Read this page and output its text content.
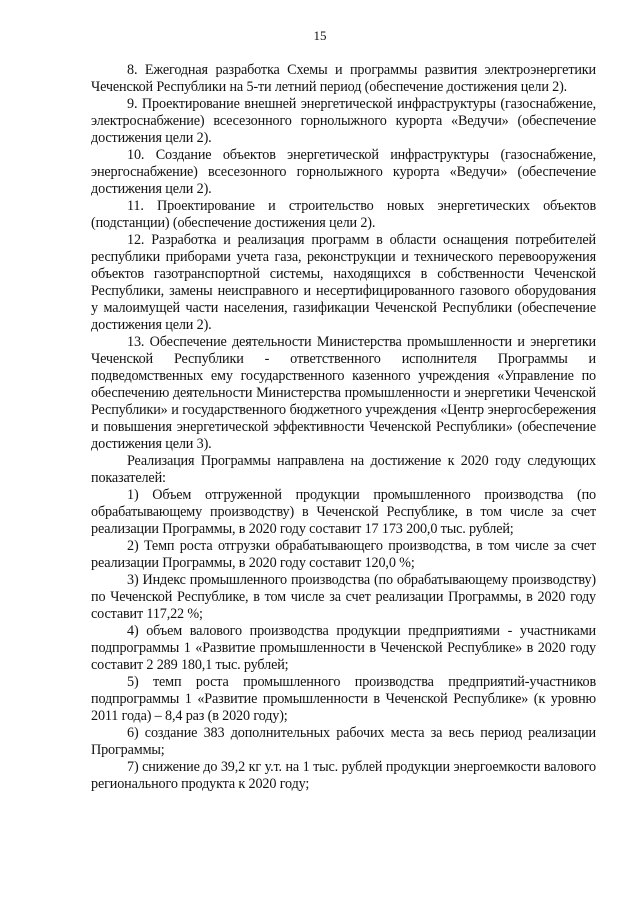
15

8. Ежегодная разработка Схемы и программы развития электроэнергетики Чеченской Республики на 5-ти летний период (обеспечение достижения цели 2).

9. Проектирование внешней энергетической инфраструктуры (газоснабжение, электроснабжение) всесезонного горнолыжного курорта «Ведучи» (обеспечение достижения цели 2).

10. Создание объектов энергетической инфраструктуры (газоснабжение, энергоснабжение) всесезонного горнолыжного курорта «Ведучи» (обеспечение достижения цели 2).

11. Проектирование и строительство новых энергетических объектов (подстанции) (обеспечение достижения цели 2).

12. Разработка и реализация программ в области оснащения потребителей республики приборами учета газа, реконструкции и технического перевооружения объектов газотранспортной системы, находящихся в собственности Чеченской Республики, замены неисправного и несертифицированного газового оборудования у малоимущей части населения, газификации Чеченской Республики (обеспечение достижения цели 2).

13. Обеспечение деятельности Министерства промышленности и энергетики Чеченской Республики - ответственного исполнителя Программы и подведомственных ему государственного казенного учреждения «Управление по обеспечению деятельности Министерства промышленности и энергетики Чеченской Республики» и государственного бюджетного учреждения «Центр энергосбережения и повышения энергетической эффективности Чеченской Республики» (обеспечение достижения цели 3).

Реализация Программы направлена на достижение к 2020 году следующих показателей:

1) Объем отгруженной продукции промышленного производства (по обрабатывающему производству) в Чеченской Республике, в том числе за счет реализации Программы, в 2020 году составит 17 173 200,0 тыс. рублей;

2) Темп роста отгрузки обрабатывающего производства, в том числе за счет реализации Программы, в 2020 году составит 120,0 %;

3) Индекс промышленного производства (по обрабатывающему производству) по Чеченской Республике, в том числе за счет реализации Программы, в 2020 году составит 117,22 %;

4) объем валового производства продукции предприятиями - участниками подпрограммы 1 «Развитие промышленности в Чеченской Республике» в 2020 году составит 2 289 180,1 тыс. рублей;

5) темп роста промышленного производства предприятий-участников подпрограммы 1 «Развитие промышленности в Чеченской Республике» (к уровню 2011 года) – 8,4 раз (в 2020 году);

6) создание 383 дополнительных рабочих места за весь период реализации Программы;

7) снижение до 39,2 кг у.т. на 1 тыс. рублей продукции энергоемкости валового регионального продукта к 2020 году;
